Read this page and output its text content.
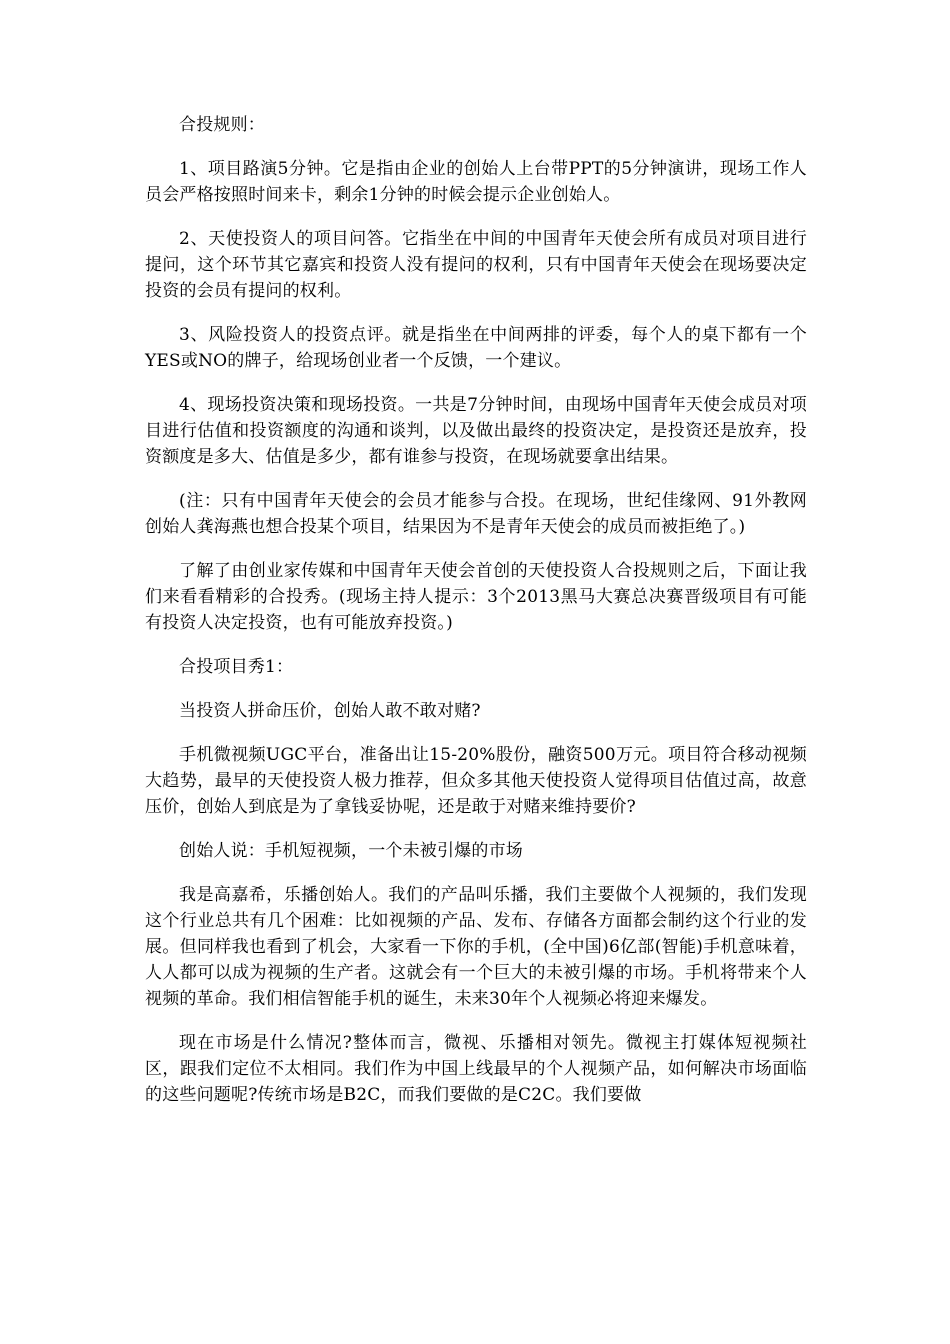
合投规则：

1、项目路演5分钟。它是指由企业的创始人上台带PPT的5分钟演讲，现场工作人员会严格按照时间来卡，剩余1分钟的时候会提示企业创始人。

2、天使投资人的项目问答。它指坐在中间的中国青年天使会所有成员对项目进行提问，这个环节其它嘉宾和投资人没有提问的权利，只有中国青年天使会在现场要决定投资的会员有提问的权利。

3、风险投资人的投资点评。就是指坐在中间两排的评委，每个人的桌下都有一个YES或NO的牌子，给现场创业者一个反馈，一个建议。

4、现场投资决策和现场投资。一共是7分钟时间，由现场中国青年天使会成员对项目进行估值和投资额度的沟通和谈判，以及做出最终的投资决定，是投资还是放弃，投资额度是多大、估值是多少，都有谁参与投资，在现场就要拿出结果。

(注：只有中国青年天使会的会员才能参与合投。在现场，世纪佳缘网、91外教网创始人龚海燕也想合投某个项目，结果因为不是青年天使会的成员而被拒绝了。)

了解了由创业家传媒和中国青年天使会首创的天使投资人合投规则之后，下面让我们来看看精彩的合投秀。(现场主持人提示：3个2013黑马大赛总决赛晋级项目有可能有投资人决定投资，也有可能放弃投资。)

合投项目秀1：

当投资人拼命压价，创始人敢不敢对赌?

手机微视频UGC平台，准备出让15-20%股份，融资500万元。项目符合移动视频大趋势，最早的天使投资人极力推荐，但众多其他天使投资人觉得项目估值过高，故意压价，创始人到底是为了拿钱妥协呢，还是敢于对赌来维持要价?

创始人说：手机短视频，一个未被引爆的市场

我是高嘉希，乐播创始人。我们的产品叫乐播，我们主要做个人视频的，我们发现这个行业总共有几个困难：比如视频的产品、发布、存储各方面都会制约这个行业的发展。但同样我也看到了机会，大家看一下你的手机，(全中国)6亿部(智能)手机意味着，人人都可以成为视频的生产者。这就会有一个巨大的未被引爆的市场。手机将带来个人视频的革命。我们相信智能手机的诞生，未来30年个人视频必将迎来爆发。

现在市场是什么情况?整体而言，微视、乐播相对领先。微视主打媒体短视频社区，跟我们定位不太相同。我们作为中国上线最早的个人视频产品，如何解决市场面临的这些问题呢?传统市场是B2C，而我们要做的是C2C。我们要做
